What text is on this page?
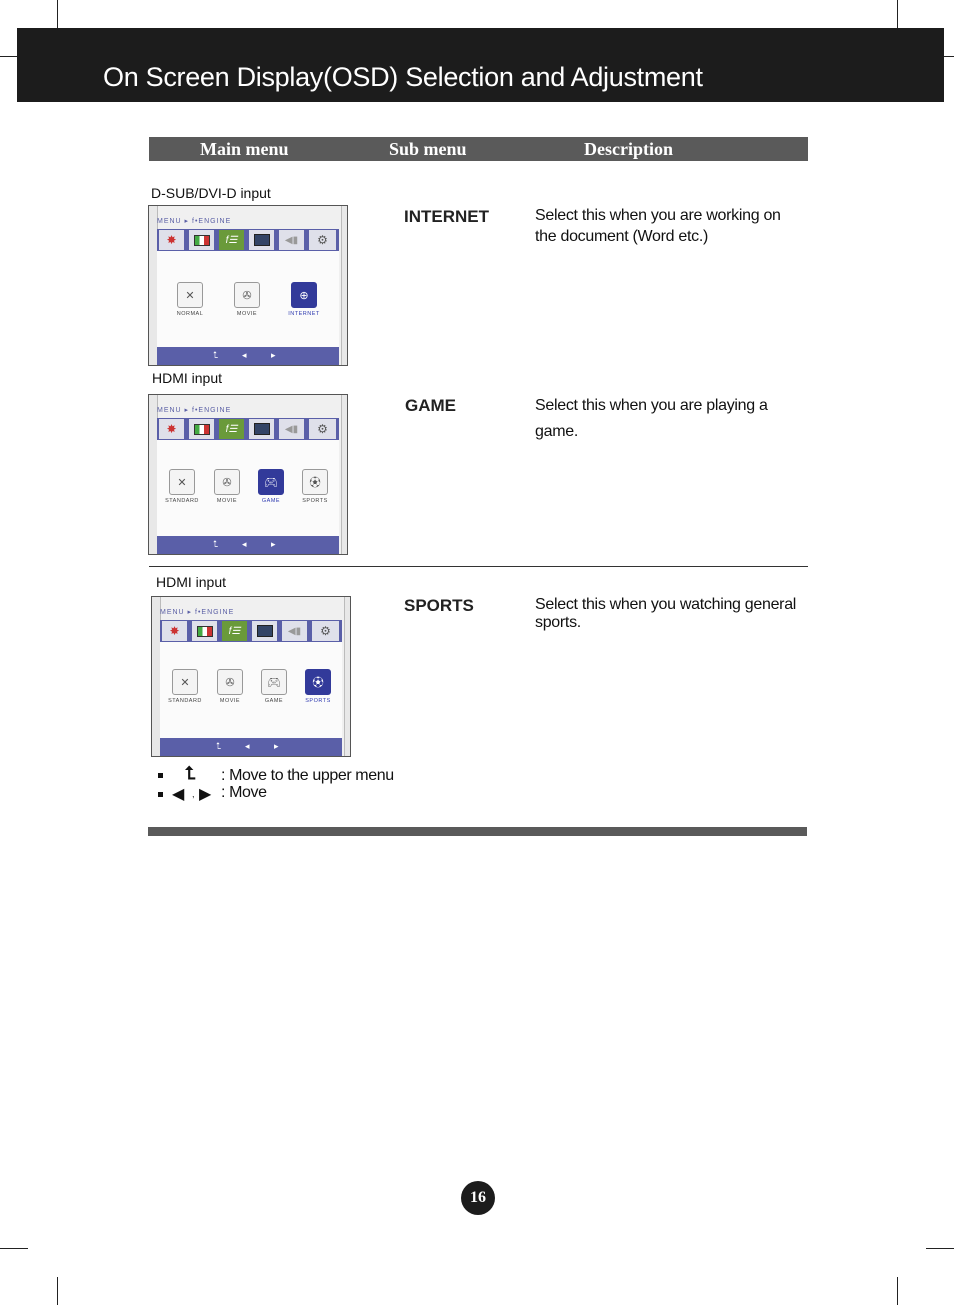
On Screen Display(OSD) Selection and Adjustment
Main menu	Sub menu	Description
D-SUB/DVI-D input
MENU ▸ f•ENGINE
✸	f☰	◀▮ ⚙
✕
NORMAL
✇
MOVIE
⊕
INTERNET
⮤	◂	▸
INTERNET	Select this when you are working on
the document (Word etc.)
HDMI input
MENU ▸ f•ENGINE
✸	f☰	◀▮ ⚙
✕
STANDARD
✇
MOVIE
🎮︎
GAME
⚽︎
SPORTS
⮤	◂	▸
GAME	Select this when you are playing a
game.
HDMI input
MENU ▸ f•ENGINE
✸	f☰	◀▮ ⚙
✕
STANDARD
✇
MOVIE
🎮︎
GAME
⚽︎
SPORTS
⮤	◂	▸
SPORTS	Select this when you watching general
sports.
⮤ : Move to the upper menu
◀ , ▶ : Move
16
